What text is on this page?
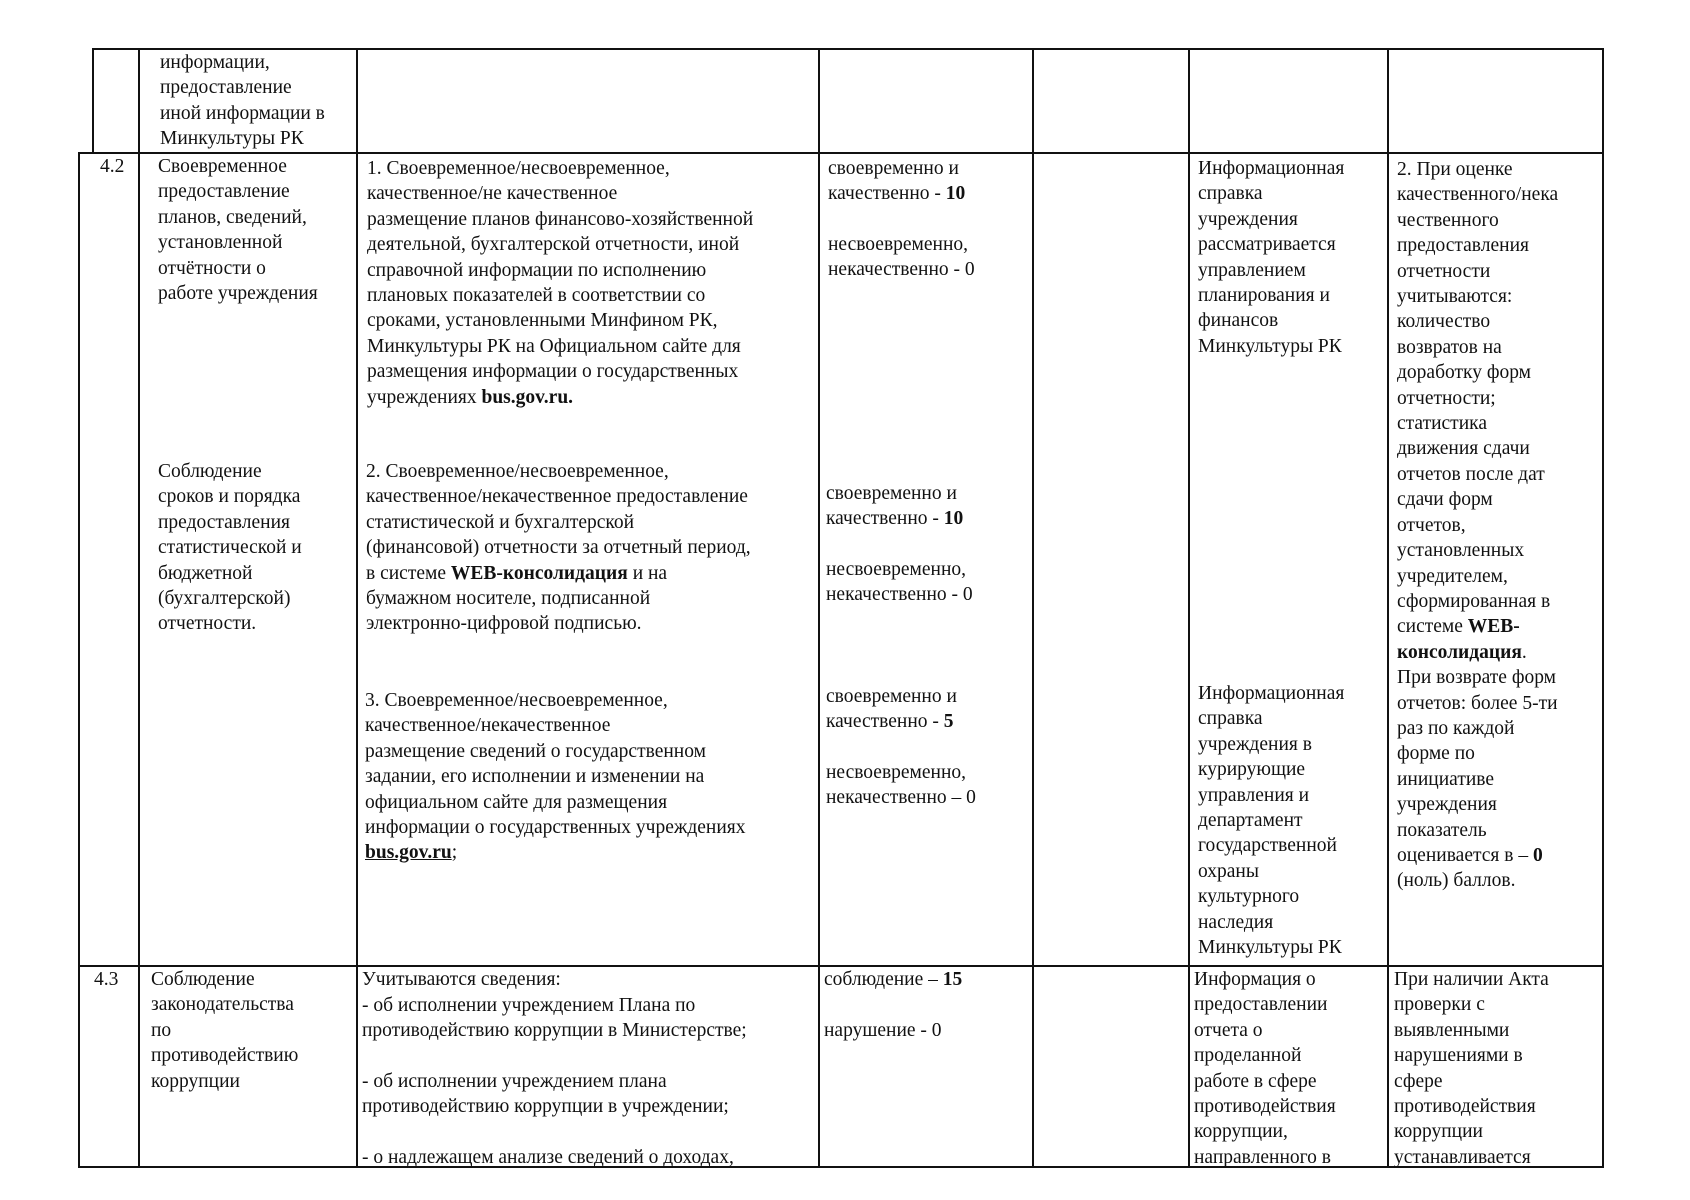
информации,
предоставление
иной информации в
Минкультуры РК
4.2 Своевременное
предоставление
планов, сведений,
установленной
отчётности о
работе учреждения
Соблюдение
сроков и порядка
предоставления
статистической и
бюджетной
(бухгалтерской)
отчетности.
1. Своевременное/несвоевременное,
качественное/не качественное
размещение планов финансово-хозяйственной
деятельной, бухгалтерской отчетности, иной
справочной информации по исполнению
плановых показателей в соответствии со
сроками, установленными Минфином РК,
Минкультуры РК на Официальном сайте для
размещения информации о государственных
учреждениях bus.gov.ru.
2. Своевременное/несвоевременное,
качественное/некачественное предоставление
статистической и бухгалтерской
(финансовой) отчетности за отчетный период,
в системе WEB-консолидация и на
бумажном носителе, подписанной
электронно-цифровой подписью.
3. Своевременное/несвоевременное,
качественное/некачественное
размещение сведений о государственном
задании, его исполнении и изменении на
официальном сайте для размещения
информации о государственных учреждениях
bus.gov.ru;
своевременно и
качественно - 10
несвоевременно,
некачественно - 0
своевременно и
качественно - 10
несвоевременно,
некачественно - 0
своевременно и
качественно - 5
несвоевременно,
некачественно – 0
Информационная
справка
учреждения
рассматривается
управлением
планирования и
финансов
Минкультуры РК
Информационная
справка
учреждения в
курирующие
управления и
департамент
государственной
охраны
культурного
наследия
Минкультуры РК
2. При оценке
качественного/нека
чественного
предоставления
отчетности
учитываются:
количество
возвратов на
доработку форм
отчетности;
статистика
движения сдачи
отчетов после дат
сдачи форм
отчетов,
установленных
учредителем,
сформированная в
системе WEB-
консолидация.
При возврате форм
отчетов: более 5-ти
раз по каждой
форме по
инициативе
учреждения
показатель
оценивается в – 0
(ноль) баллов.
4.3 Соблюдение
законодательства
по
противодействию
коррупции
Учитываются сведения:
- об исполнении учреждением Плана по
противодействию коррупции в Министерстве;
- об исполнении учреждением плана
противодействию коррупции в учреждении;
- о надлежащем анализе сведений о доходах,
соблюдение – 15
нарушение - 0
Информация о
предоставлении
отчета о
проделанной
работе в сфере
противодействия
коррупции,
направленного в
При наличии Акта
проверки с
выявленными
нарушениями в
сфере
противодействия
коррупции
устанавливается
